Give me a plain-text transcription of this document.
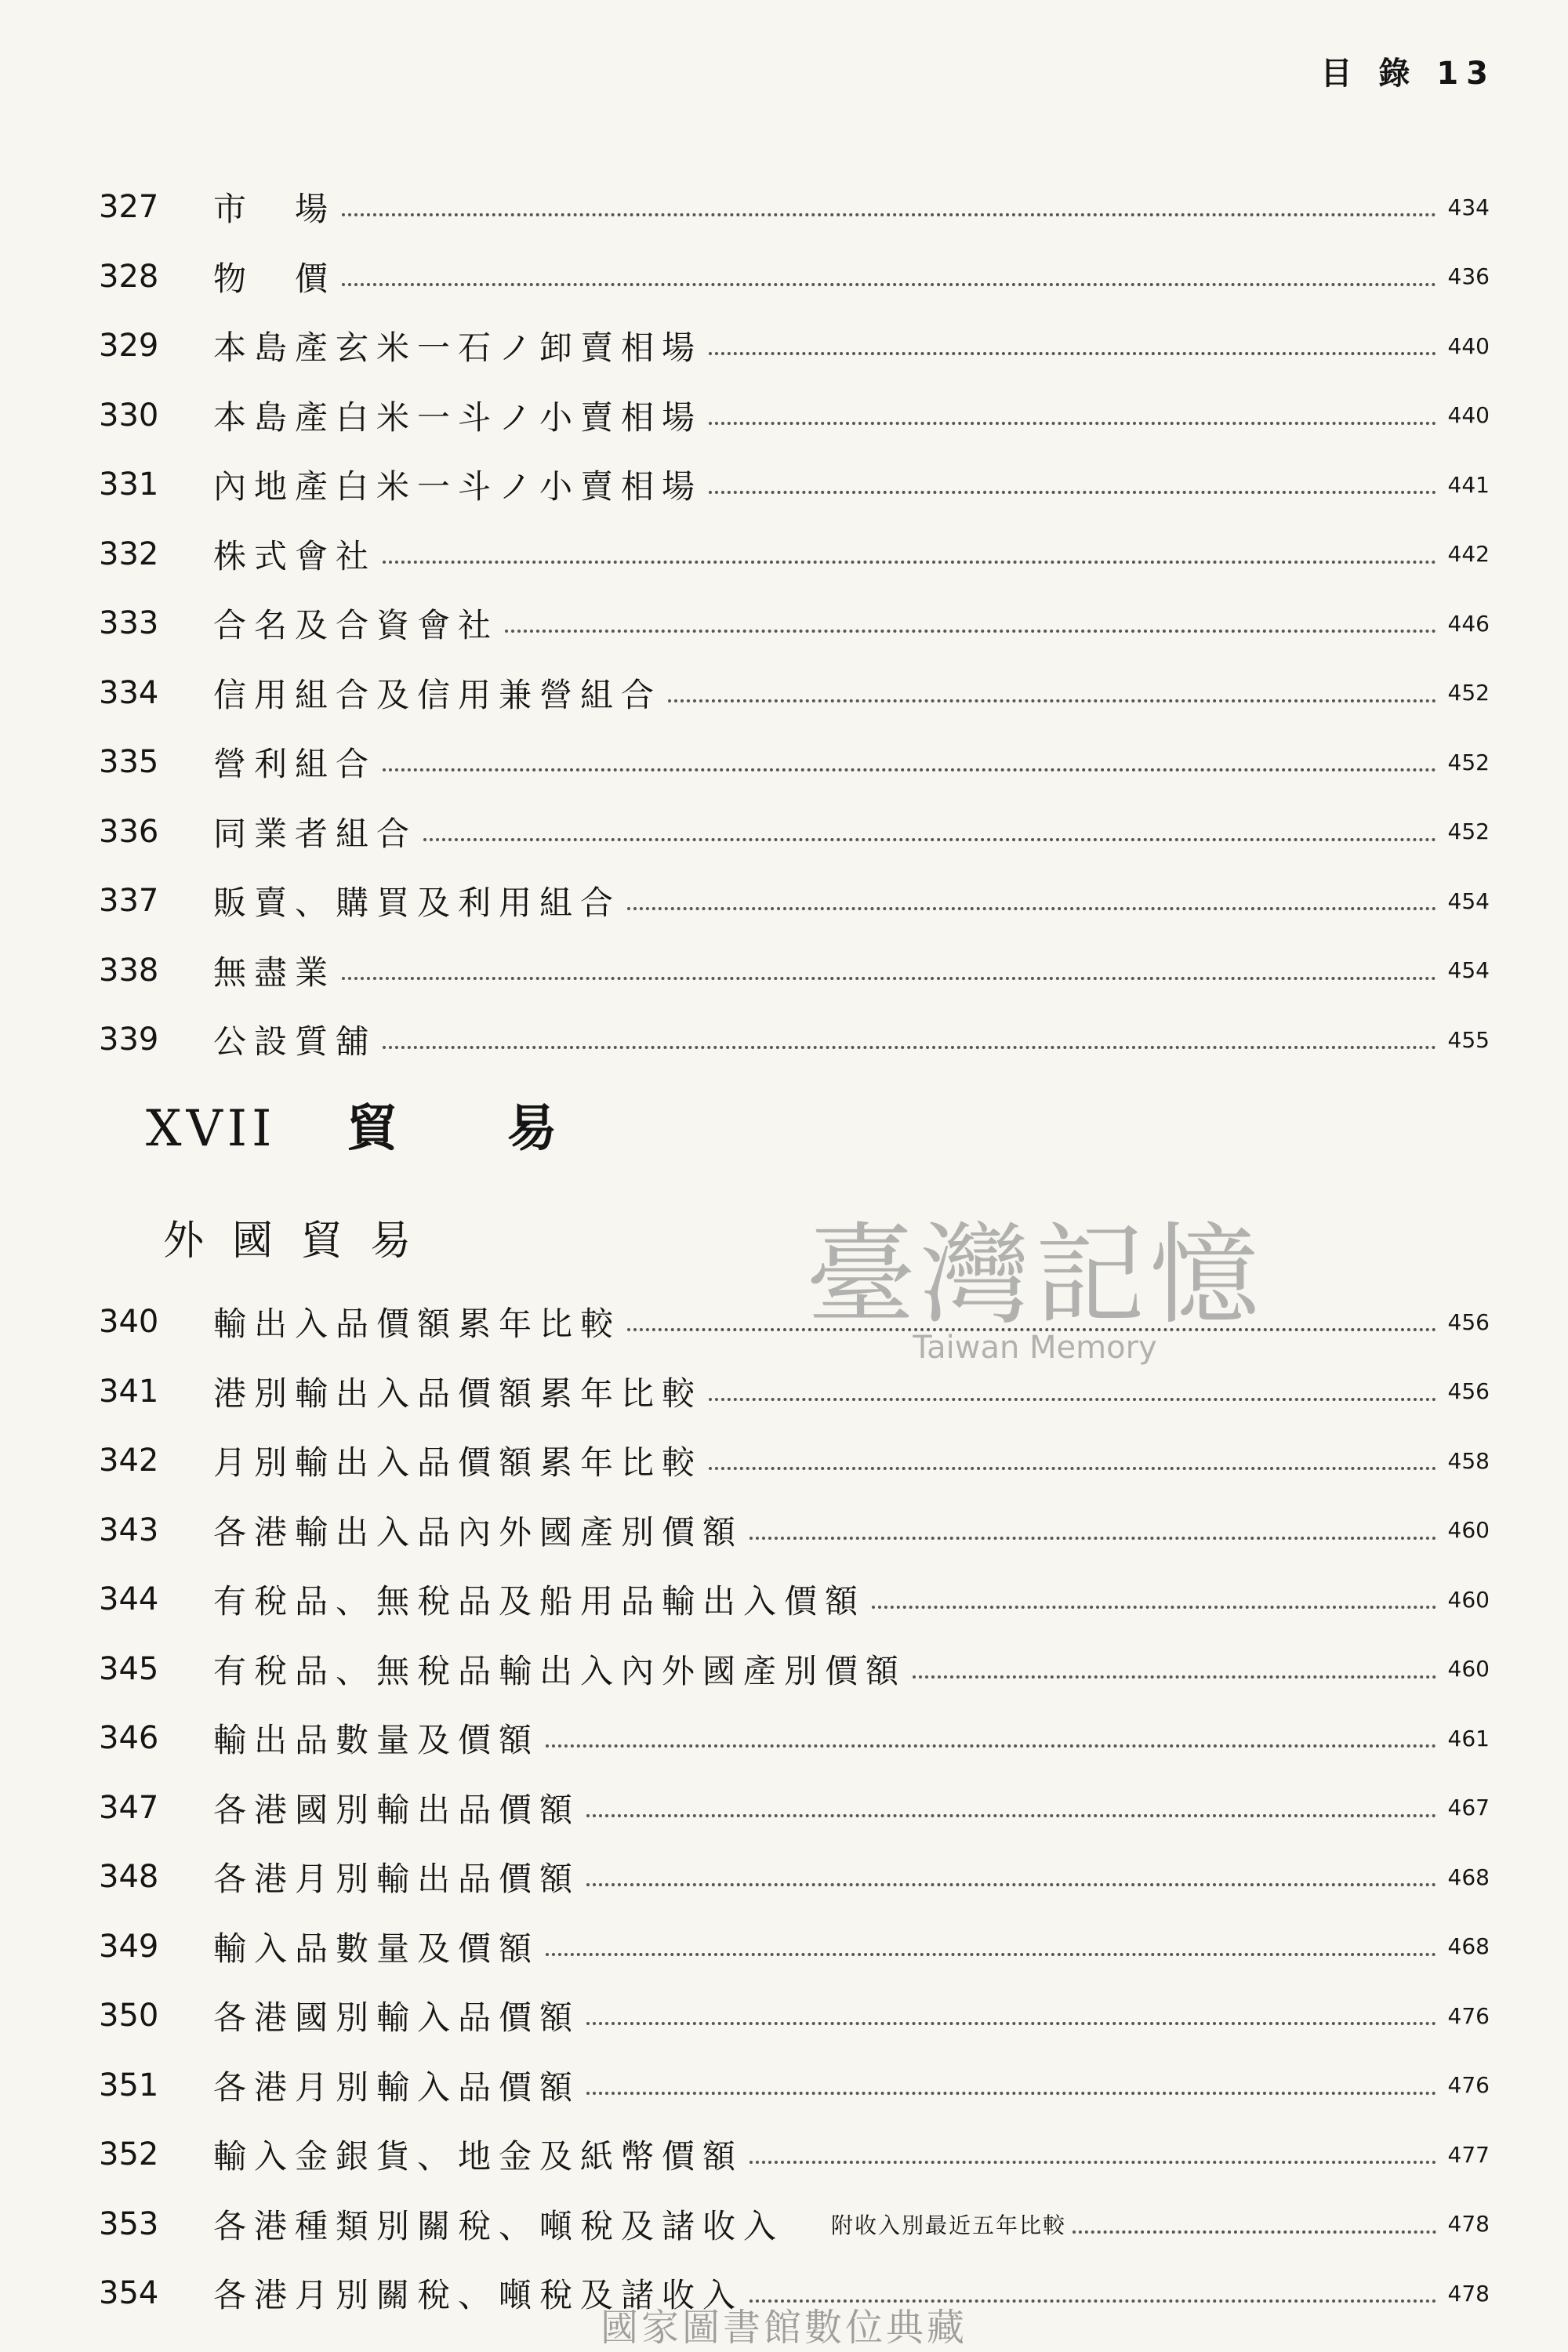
目 錄 13
327	市　場	434
328	物　價	436
329	本島產玄米一石ノ卸賣相場	440
330	本島產白米一斗ノ小賣相場	440
331	內地產白米一斗ノ小賣相場	441
332	株式會社	442
333	合名及合資會社	446
334	信用組合及信用兼營組合	452
335	營利組合	452
336	同業者組合	452
337	販賣、購買及利用組合	454
338	無盡業	454
339	公設質舖	455
XVII 貿易
外國貿易	臺灣記憶
Taiwan Memory
340	輸出入品價額累年比較	456
341	港別輸出入品價額累年比較	456
342	月別輸出入品價額累年比較	458
343	各港輸出入品內外國產別價額	460
344	有稅品、無稅品及船用品輸出入價額	460
345	有稅品、無稅品輸出入內外國產別價額	460
346	輸出品數量及價額	461
347	各港國別輸出品價額	467
348	各港月別輸出品價額	468
349	輸入品數量及價額	468
350	各港國別輸入品價額	476
351	各港月別輸入品價額	476
352	輸入金銀貨、地金及紙幣價額	477
353	各港種類別關稅、噸稅及諸收入 附收入別最近五年比較	478
354	各港月別關稅、噸稅及諸收入	478
國家圖書館數位典藏
